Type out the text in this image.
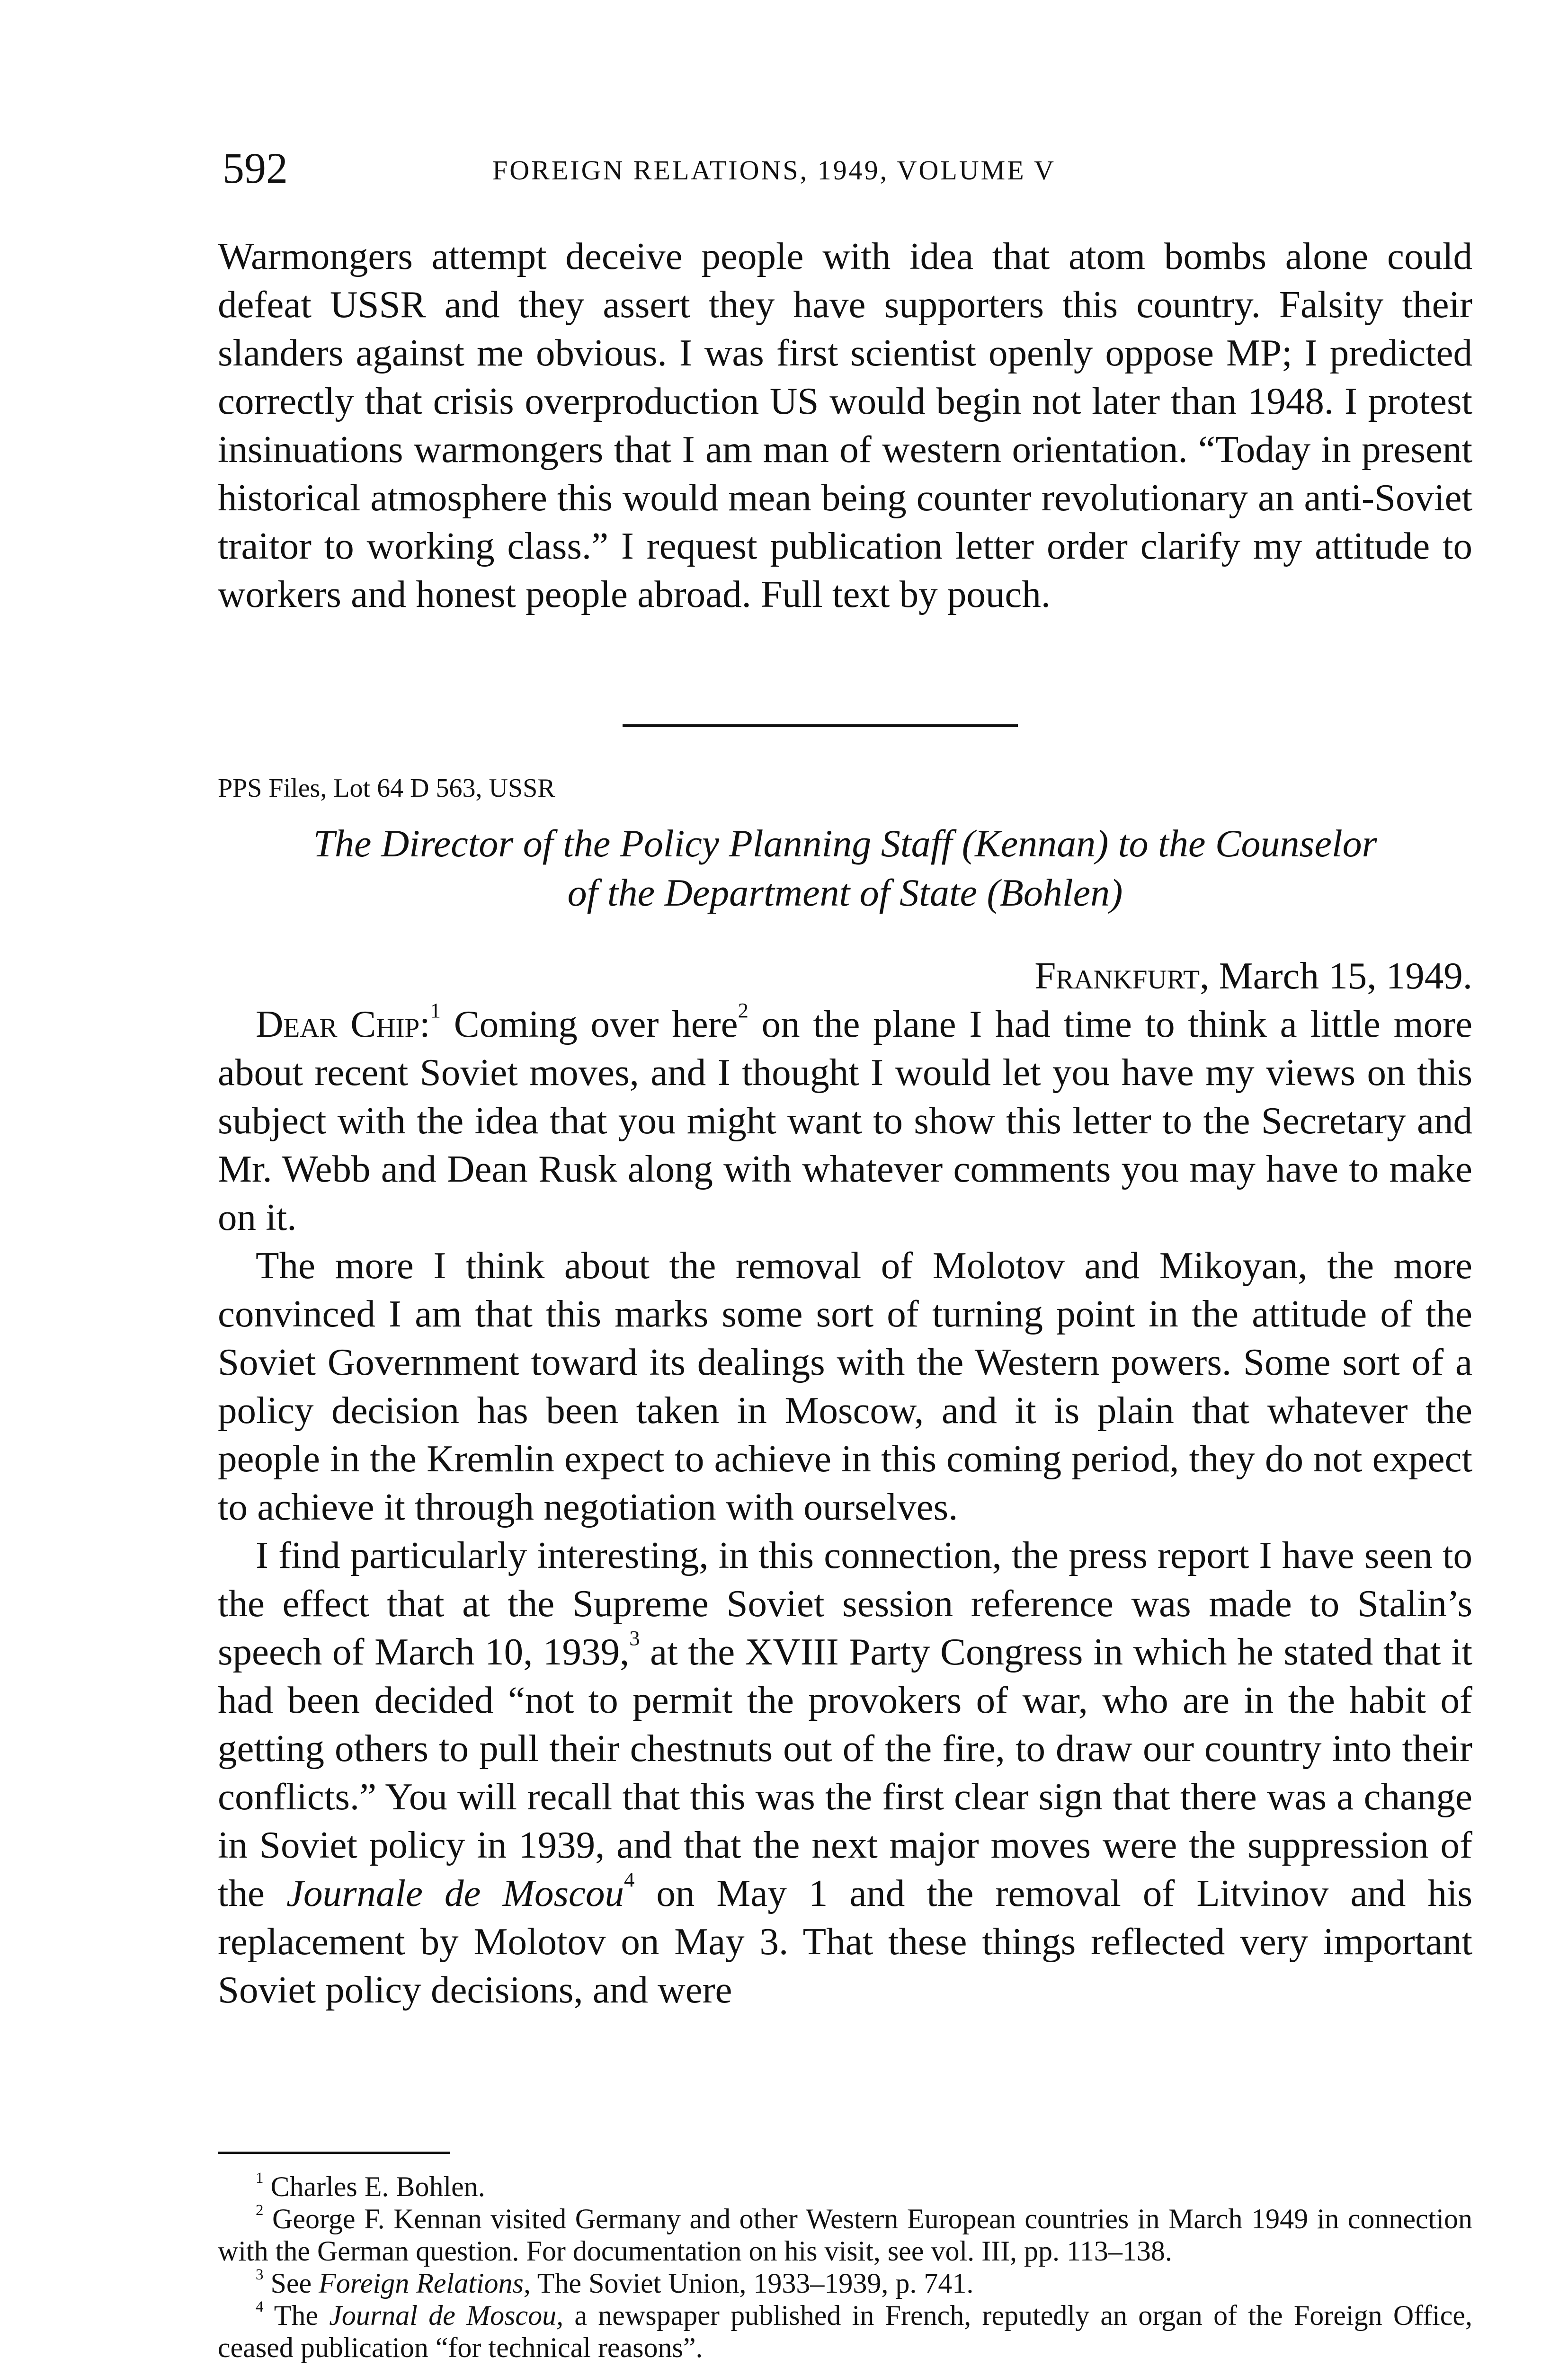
592	FOREIGN RELATIONS, 1949, VOLUME V

Warmongers attempt deceive people with idea that atom bombs alone could defeat USSR and they assert they have supporters this country. Falsity their slanders against me obvious. I was first scientist openly oppose MP; I predicted correctly that crisis overproduction US would begin not later than 1948. I protest insinuations warmongers that I am man of western orientation. “Today in present historical atmosphere this would mean being counter revolutionary an anti-Soviet traitor to working class.” I request publication letter order clarify my attitude to workers and honest people abroad. Full text by pouch.

PPS Files, Lot 64 D 563, USSR

The Director of the Policy Planning Staff (Kennan) to the Counselor
of the Department of State (Bohlen)

Frankfurt, March 15, 1949.

Dear Chip:$^1$ Coming over here$^2$ on the plane I had time to think a little more about recent Soviet moves, and I thought I would let you have my views on this subject with the idea that you might want to show this letter to the Secretary and Mr. Webb and Dean Rusk along with whatever comments you may have to make on it.

The more I think about the removal of Molotov and Mikoyan, the more convinced I am that this marks some sort of turning point in the attitude of the Soviet Government toward its dealings with the Western powers. Some sort of a policy decision has been taken in Moscow, and it is plain that whatever the people in the Kremlin expect to achieve in this coming period, they do not expect to achieve it through negotiation with ourselves.

I find particularly interesting, in this connection, the press report I have seen to the effect that at the Supreme Soviet session reference was made to Stalin’s speech of March 10, 1939,$^3$ at the XVIII Party Congress in which he stated that it had been decided “not to permit the provokers of war, who are in the habit of getting others to pull their chestnuts out of the fire, to draw our country into their conflicts.” You will recall that this was the first clear sign that there was a change in Soviet policy in 1939, and that the next major moves were the suppression of the Journale de Moscou$^4$ on May 1 and the removal of Litvinov and his replacement by Molotov on May 3. That these things reflected very important Soviet policy decisions, and were

$^1$ Charles E. Bohlen.

$^2$ George F. Kennan visited Germany and other Western European countries in March 1949 in connection with the German question. For documentation on his visit, see vol. III, pp. 113–138.

$^3$ See Foreign Relations, The Soviet Union, 1933–1939, p. 741.

$^4$ The Journal de Moscou, a newspaper published in French, reputedly an organ of the Foreign Office, ceased publication “for technical reasons”.
